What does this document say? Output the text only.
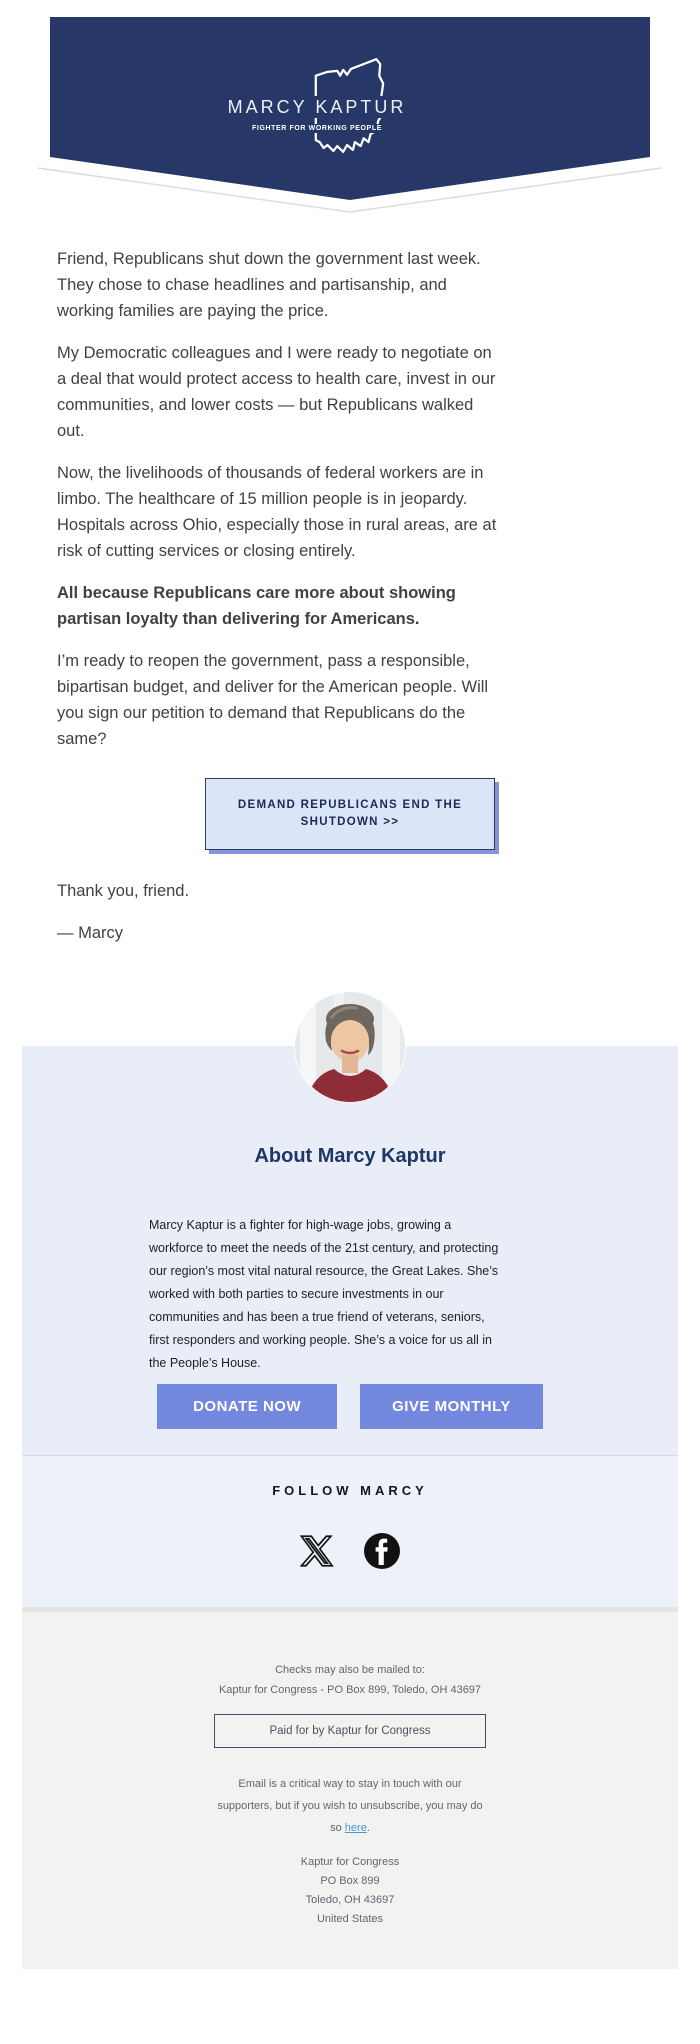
MARCY KAPTUR
FIGHTER FOR WORKING PEOPLE

Friend, Republicans shut down the government last week.
They chose to chase headlines and partisanship, and
working families are paying the price.

My Democratic colleagues and I were ready to negotiate on
a deal that would protect access to health care, invest in our
communities, and lower costs — but Republicans walked
out.

Now, the livelihoods of thousands of federal workers are in
limbo. The healthcare of 15 million people is in jeopardy.
Hospitals across Ohio, especially those in rural areas, are at
risk of cutting services or closing entirely.

All because Republicans care more about showing
partisan loyalty than delivering for Americans.

I’m ready to reopen the government, pass a responsible,
bipartisan budget, and deliver for the American people. Will
you sign our petition to demand that Republicans do the
same?

DEMAND REPUBLICANS END THE
SHUTDOWN >>
Thank you, friend.
— Marcy
About Marcy Kaptur
Marcy Kaptur is a fighter for high-wage jobs, growing a
workforce to meet the needs of the 21st century, and protecting
our region’s most vital natural resource, the Great Lakes. She’s
worked with both parties to secure investments in our
communities and has been a true friend of veterans, seniors,
first responders and working people. She’s a voice for us all in
the People’s House.
DONATE NOW	GIVE MONTHLY
FOLLOW MARCY
Checks may also be mailed to:
Kaptur for Congress - PO Box 899, Toledo, OH 43697
Paid for by Kaptur for Congress
Email is a critical way to stay in touch with our
supporters, but if you wish to unsubscribe, you may do
so here.
Kaptur for Congress
PO Box 899
Toledo, OH 43697
United States
